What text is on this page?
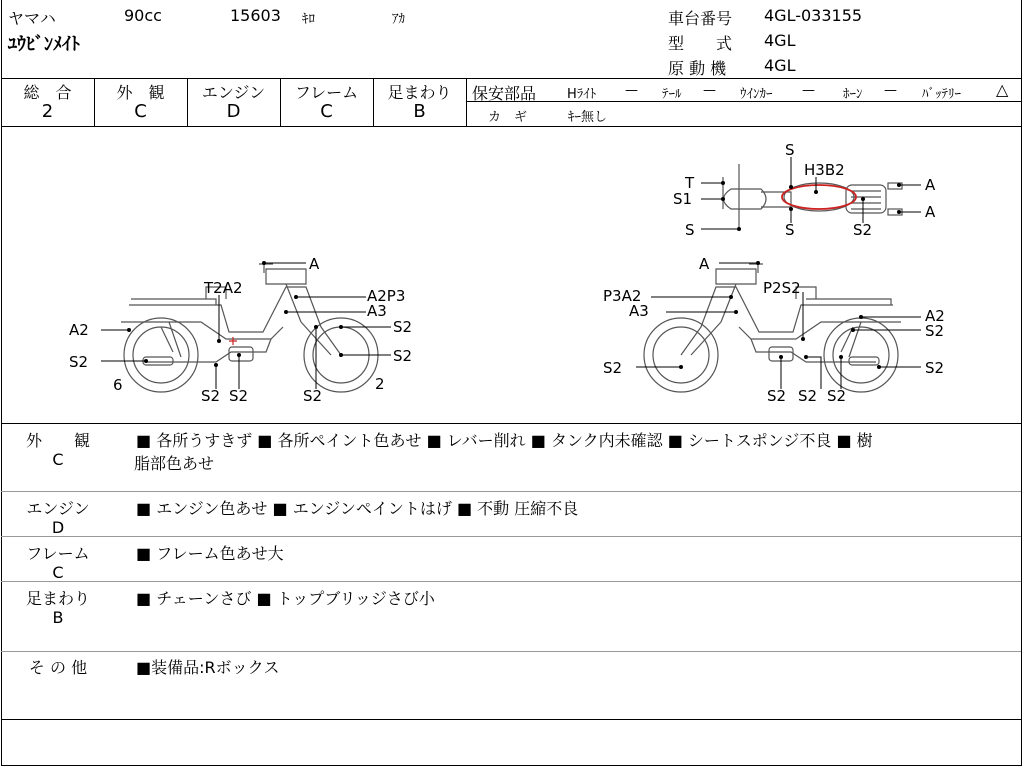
ヤマハ	90cc	15603 ｷﾛ	ｱｶ
ﾕｳﾋﾞﾝﾒｲﾄ
車台番号 4GL-033155
型　　式 4GL
原 動 機 4GL
総　合
2
外　観
C
エンジン
D
フレーム
C
足まわり
B
保安部品 Hﾗｲﾄ — ﾃｰﾙ — ｳｲﾝｶｰ — ﾎｰﾝ — ﾊﾞｯﾃﾘｰ △
カ　ギ	ｷｰ無し
S
H3B2
T
S1
A
A
S	S	S2
A
T2A2	A2P3
A3
A2	S2
S2
S2
6
S2 S2	S2
2
A
P3A2	P2S2
A3	A2
S2
S2	S2
S2 S2 S2
外　　観
C
■ 各所うすきず ■ 各所ペイント色あせ ■ レバー削れ ■ タンク内未確認 ■ シートスポンジ不良 ■ 樹
脂部色あせ
エンジン
D
■ エンジン色あせ ■ エンジンペイントはげ ■ 不動 圧縮不良
フレーム
C
■ フレーム色あせ大
足まわり
B
■ チェーンさび ■ トップブリッジさび小
そ の 他	■装備品:Rボックス
